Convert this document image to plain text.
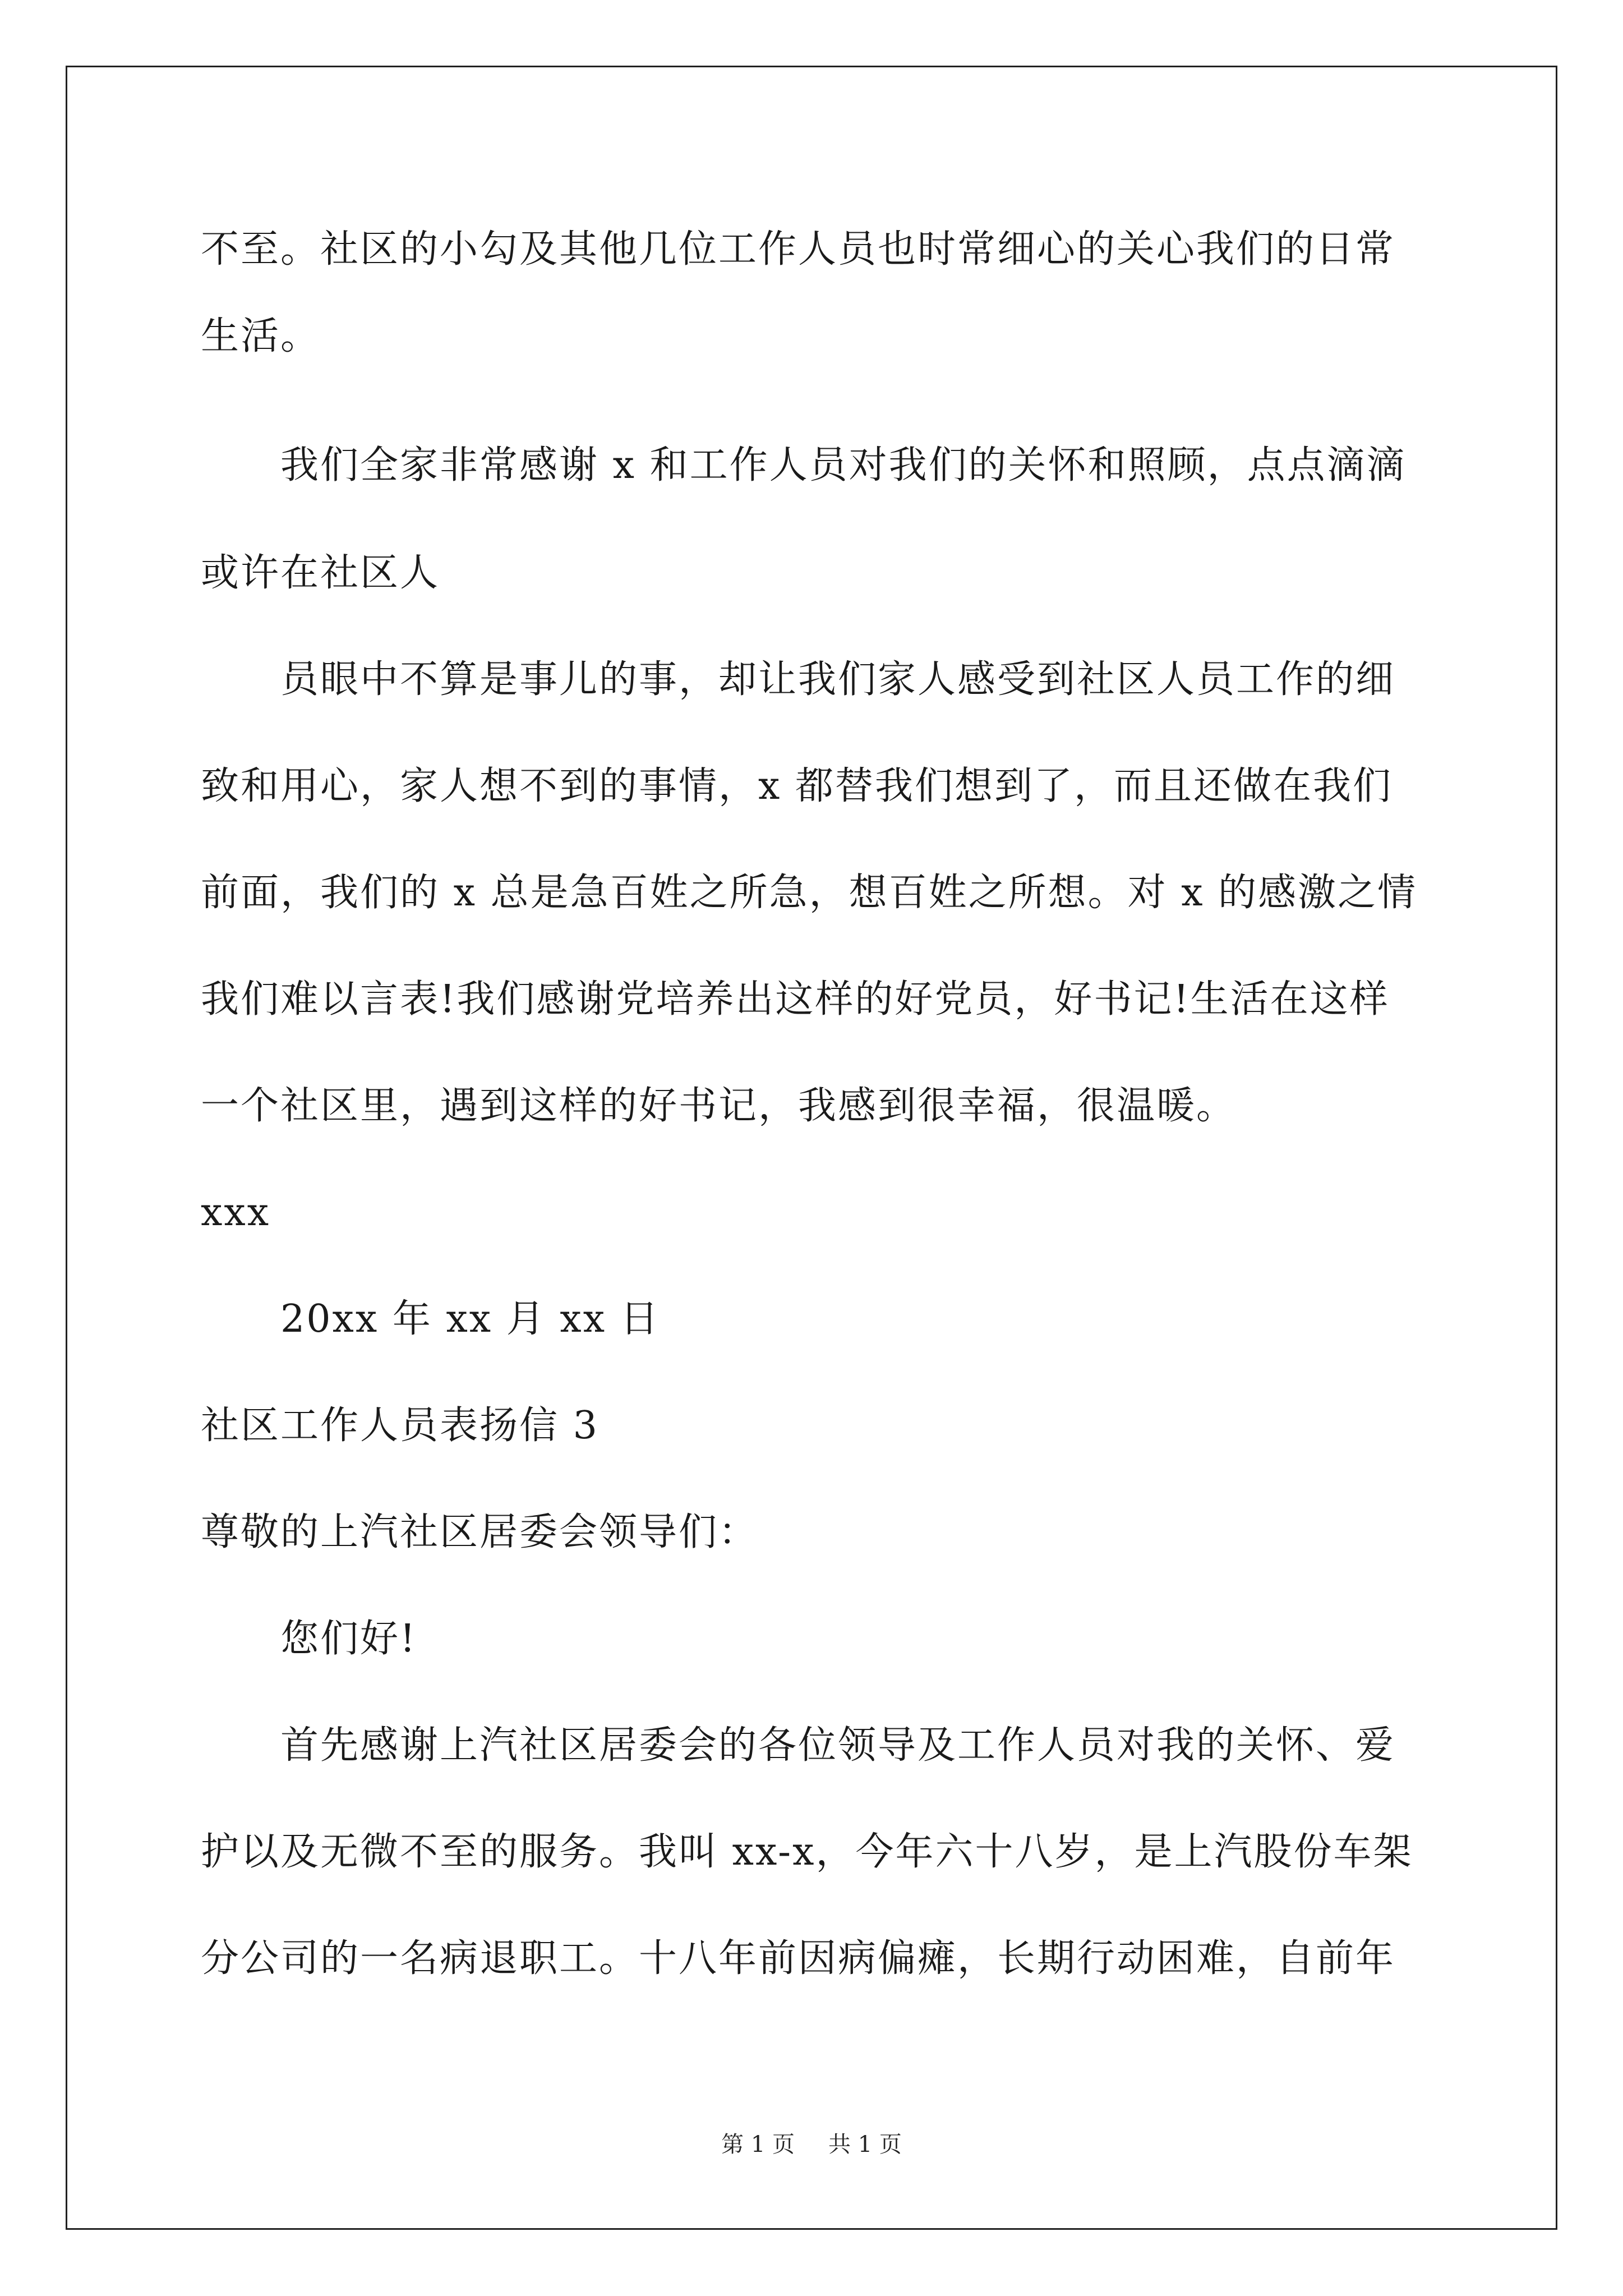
不至。社区的小勾及其他几位工作人员也时常细心的关心我们的日常
生活。
我们全家非常感谢 x 和工作人员对我们的关怀和照顾，点点滴滴
或许在社区人
员眼中不算是事儿的事，却让我们家人感受到社区人员工作的细
致和用心，家人想不到的事情，x 都替我们想到了，而且还做在我们
前面，我们的 x 总是急百姓之所急，想百姓之所想。对 x 的感激之情
我们难以言表!我们感谢党培养出这样的好党员，好书记!生活在这样
一个社区里，遇到这样的好书记，我感到很幸福，很温暖。
xxx
20xx 年 xx 月 xx 日
社区工作人员表扬信 3
尊敬的上汽社区居委会领导们：
您们好!
首先感谢上汽社区居委会的各位领导及工作人员对我的关怀、爱
护以及无微不至的服务。我叫 xx-x，今年六十八岁，是上汽股份车架
分公司的一名病退职工。十八年前因病偏瘫，长期行动困难，自前年
第 1 页 共 1 页
